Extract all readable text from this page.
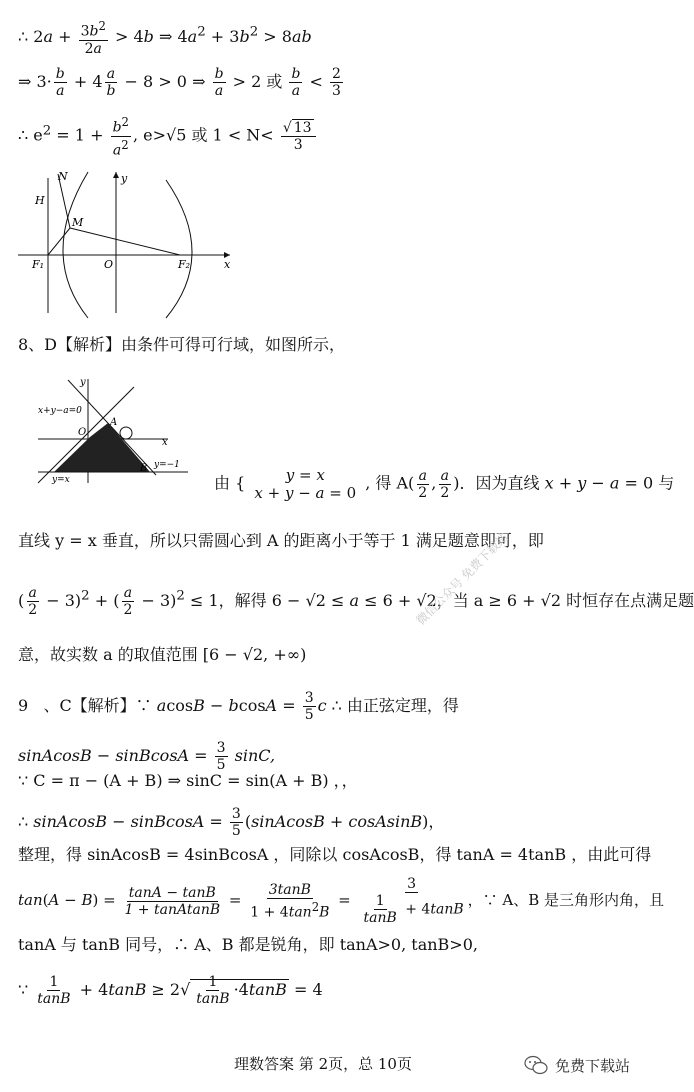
∴ $2a + \frac{3b^2}{2a} > 4b$ ⇒ $4a^2 + 3b^2 > 8ab$
⇒ $3\cdot \frac{b}{a} + 4 \frac{a}{b} - 8 > 0$ ⇒ $\frac{b}{a} > 2$ 或 $\frac{b}{a} < \frac{2}{3}$
∴ $e^2 = 1 + \frac{b^2}{a^2}$ , e>√5 或 $1 < N< \frac{√ 13}{3}$
N	y
H
M
F₁	O	F₂	x
8、D【解析】由条件可得可行域，如图所示，
y
x+y−a=0
A
O
x
y=x
B y=−1
由 { y = x
x + y − a = 0
, 得 $A( \frac{a}{2}$ , $\frac{a}{2}$ )．因为直线 x + y − a = 0 与
直线 y = x 垂直，所以只需圆心到 A 的距离小于等于 1 满足题意即可，即
( $\frac{a}{2} - 3)^2$ + ( $\frac{a}{2} - 3)^2 \le 1$，解得 6 − √2 ≤ a ≤ 6 + √2，当 a ≥ 6 + √2 时恒存在点满足题
意，故实数 a 的取值范围 [6 − √2, +∞)
9   、C【解析】∵ $acosB - bcosA = \frac{3}{5}$ c ∴ 由正弦定理，得
sinAcosB − sinBcosA = $\frac{3}{5} \sin C$,
∵ C = π − (A + B) ⇒ sinC = sin(A + B) ，，
∴ sinAcosB − sinBcosA = $\frac{3}{5}$ (sinAcosB + cosAsinB)，
整理，得 sinAcosB = 4sinBcosA ，同除以 cosAcosB，得 tanA = 4tanB ，由此可得
$\tan(A - B) = \frac{\tan A - \tan B}{\text{1 + tanAtanB}} = \frac{3\tan B}{1 + 4\tan^2B} = \frac{3}{\frac{1}{\tan B} + 4\tan B}$ ，∵ A、B 是三角形内角，且
tanA 与 tanB 同号，∴ A、B 都是锐角，即 tanA>0, tanB>0,
∵ $\frac{1}{\tan B} + 4\tan B \ge 2√ \frac{1}{\tan B} \cdot 4\tan B = 4$
微信公众号 免费下载站
理数答案 第 2页，总 10页	免费下载站
